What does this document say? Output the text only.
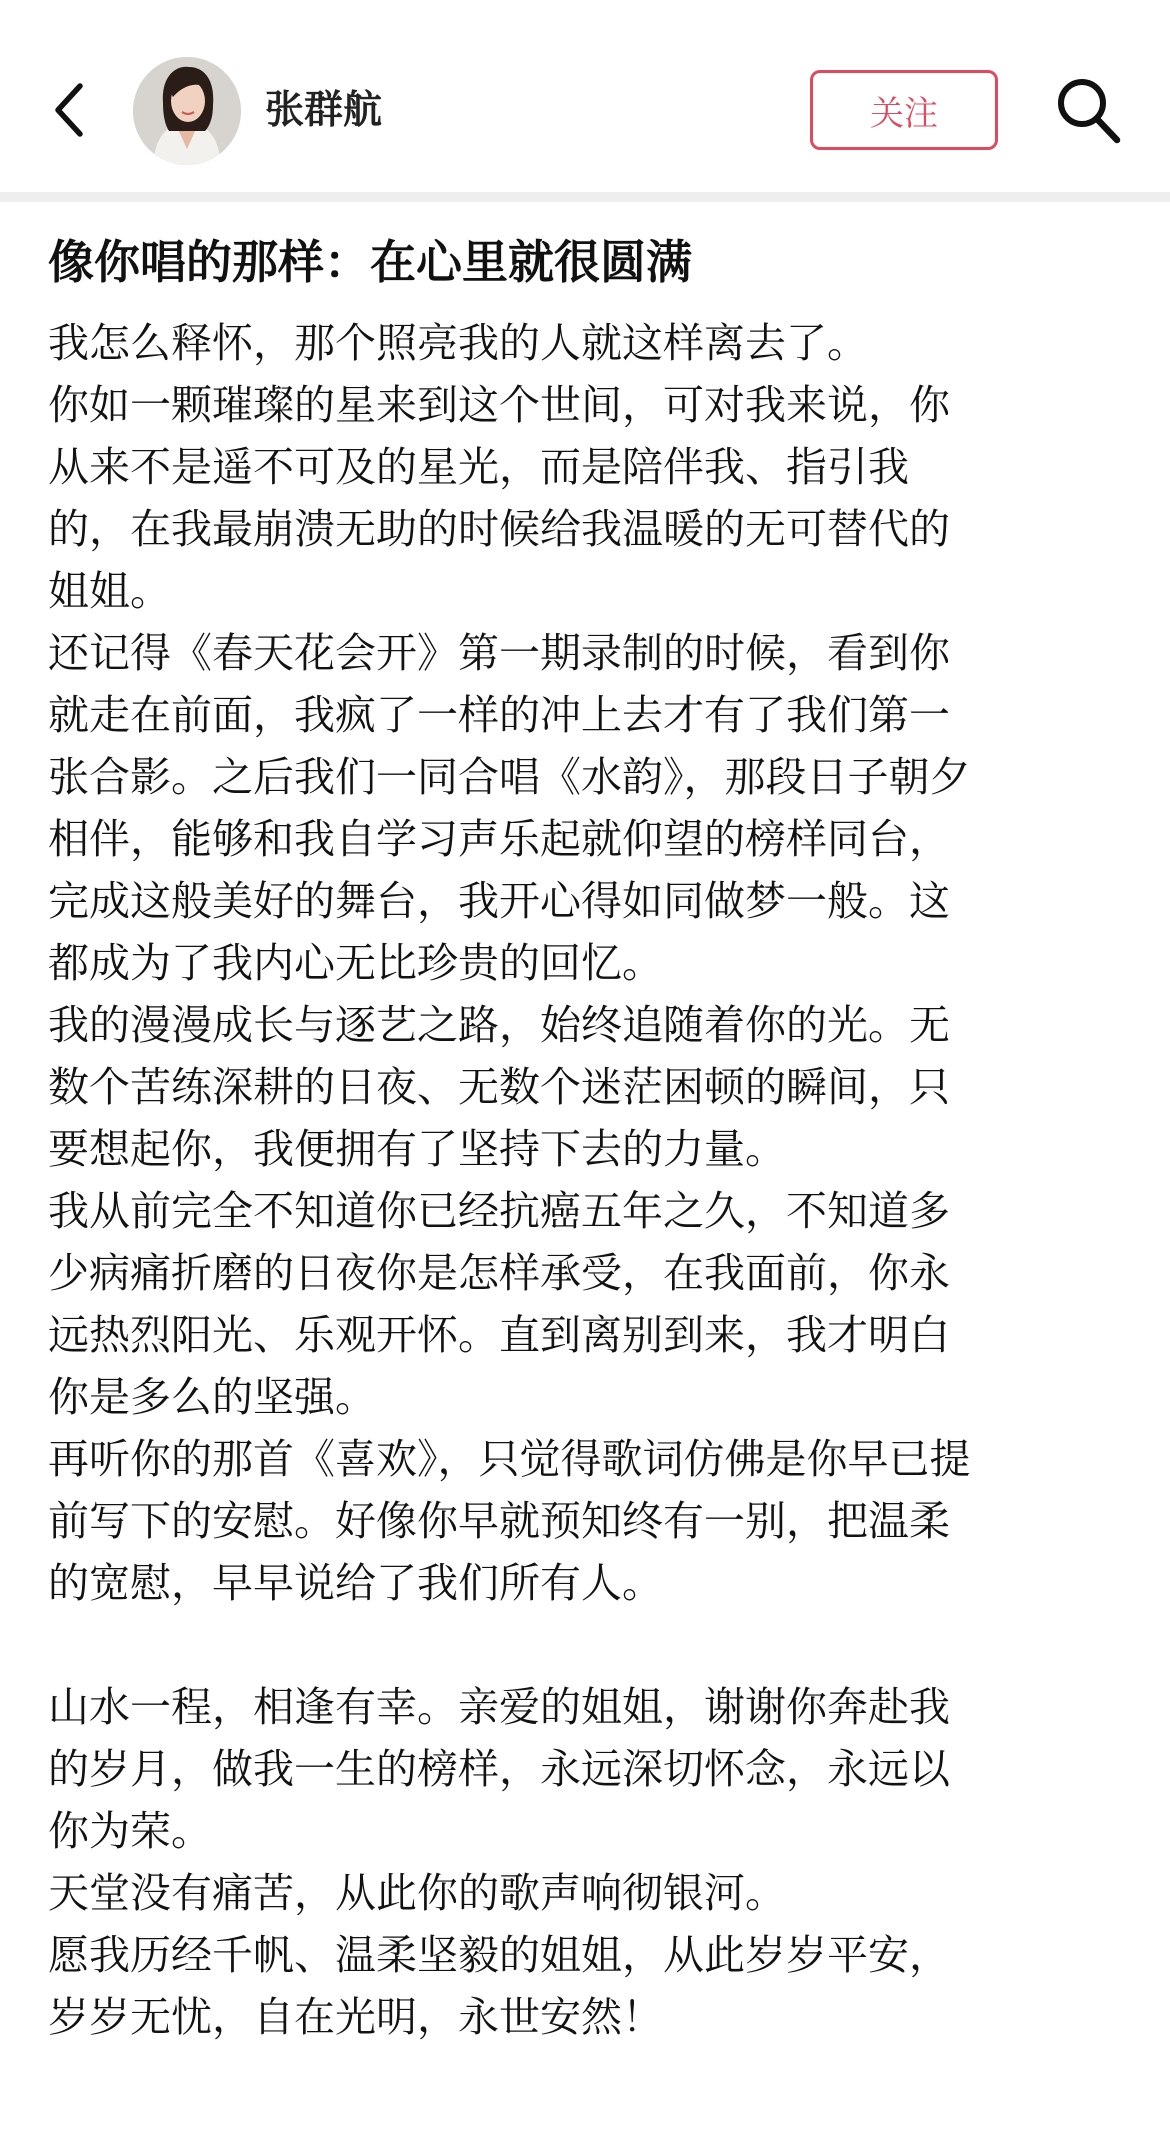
张群航	关注
像你唱的那样：在心里就很圆满

我怎么释怀，那个照亮我的人就这样离去了。

你如一颗璀璨的星来到这个世间，可对我来说，你

从来不是遥不可及的星光，而是陪伴我、指引我

的，在我最崩溃无助的时候给我温暖的无可替代的

姐姐。

还记得《春天花会开》第一期录制的时候，看到你

就走在前面，我疯了一样的冲上去才有了我们第一

张合影。之后我们一同合唱《水韵》，那段日子朝夕

相伴，能够和我自学习声乐起就仰望的榜样同台，

完成这般美好的舞台，我开心得如同做梦一般。这

都成为了我内心无比珍贵的回忆。

我的漫漫成长与逐艺之路，始终追随着你的光。无

数个苦练深耕的日夜、无数个迷茫困顿的瞬间，只

要想起你，我便拥有了坚持下去的力量。

我从前完全不知道你已经抗癌五年之久，不知道多

少病痛折磨的日夜你是怎样承受，在我面前，你永

远热烈阳光、乐观开怀。直到离别到来，我才明白

你是多么的坚强。

再听你的那首《喜欢》，只觉得歌词仿佛是你早已提

前写下的安慰。好像你早就预知终有一别，把温柔

的宽慰，早早说给了我们所有人。

山水一程，相逢有幸。亲爱的姐姐，谢谢你奔赴我

的岁月，做我一生的榜样，永远深切怀念，永远以

你为荣。

天堂没有痛苦，从此你的歌声响彻银河。

愿我历经千帆、温柔坚毅的姐姐，从此岁岁平安，

岁岁无忧，自在光明，永世安然！
